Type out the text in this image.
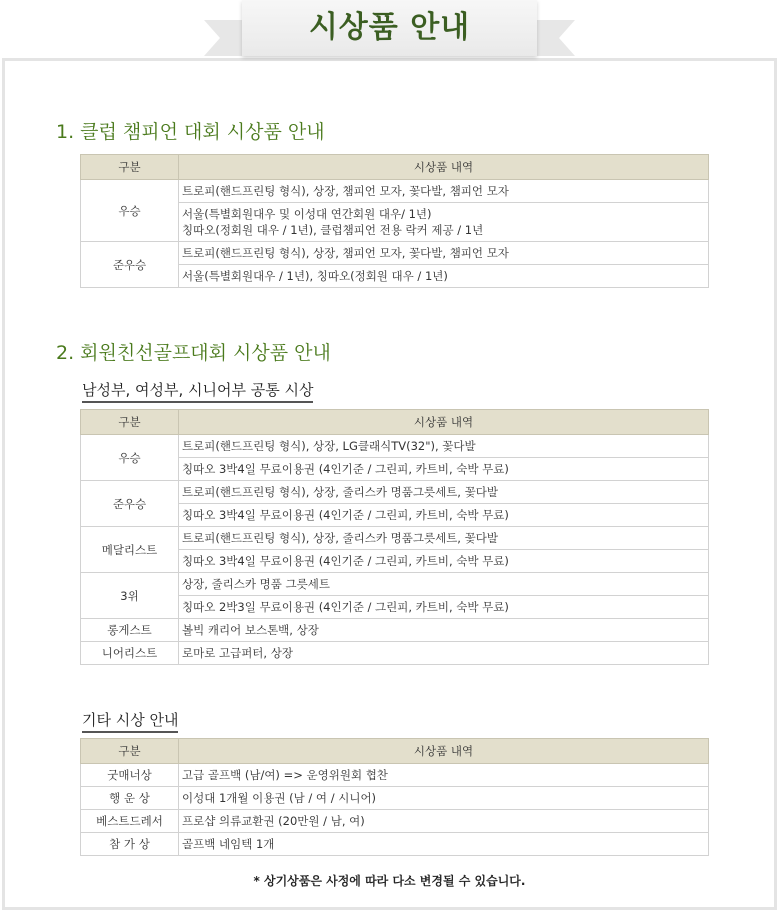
시상품 안내
1. 클럽 챔피언 대회 시상품 안내
구분	시상품 내역
우승	트로피(핸드프린팅 형식), 상장, 챔피언 모자, 꽃다발, 챔피언 모자

	서울(특별회원대우 및 이성대 연간회원 대우/ 1년)
칭따오(정회원 대우 / 1년), 클럽챔피언 전용 락커 제공 / 1년

준우승	트로피(핸드프린팅 형식), 상장, 챔피언 모자, 꽃다발, 챔피언 모자
	서울(특별회원대우 / 1년), 칭따오(정회원 대우 / 1년)
2. 회원친선골프대회 시상품 안내
남성부, 여성부, 시니어부 공통 시상
구분	시상품 내역
우승	트로피(핸드프린팅 형식), 상장, LG클래식TV(32"), 꽃다발
	칭따오 3박4일 무료이용권 (4인기준 / 그린피, 카트비, 숙박 무료)
준우승	트로피(핸드프린팅 형식), 상장, 줄리스카 명품그릇세트, 꽃다발
	칭따오 3박4일 무료이용권 (4인기준 / 그린피, 카트비, 숙박 무료)
메달리스트	트로피(핸드프린팅 형식), 상장, 줄리스카 명품그릇세트, 꽃다발
	칭따오 3박4일 무료이용권 (4인기준 / 그린피, 카트비, 숙박 무료)
3위	상장, 줄리스카 명품 그릇세트
	칭따오 2박3일 무료이용권 (4인기준 / 그린피, 카트비, 숙박 무료)
롱게스트	볼빅 캐리어 보스톤백, 상장
니어리스트	로마로 고급퍼터, 상장
기타 시상 안내
구분	시상품 내역
굿매너상	고급 골프백 (남/여) => 운영위원회 협찬
행 운 상	이성대 1개월 이용권 (남 / 여 / 시니어)
베스트드레서	프로샵 의류교환권 (20만원 / 남, 여)
참 가 상	골프백 네임텍 1개
* 상기상품은 사정에 따라 다소 변경될 수 있습니다.
